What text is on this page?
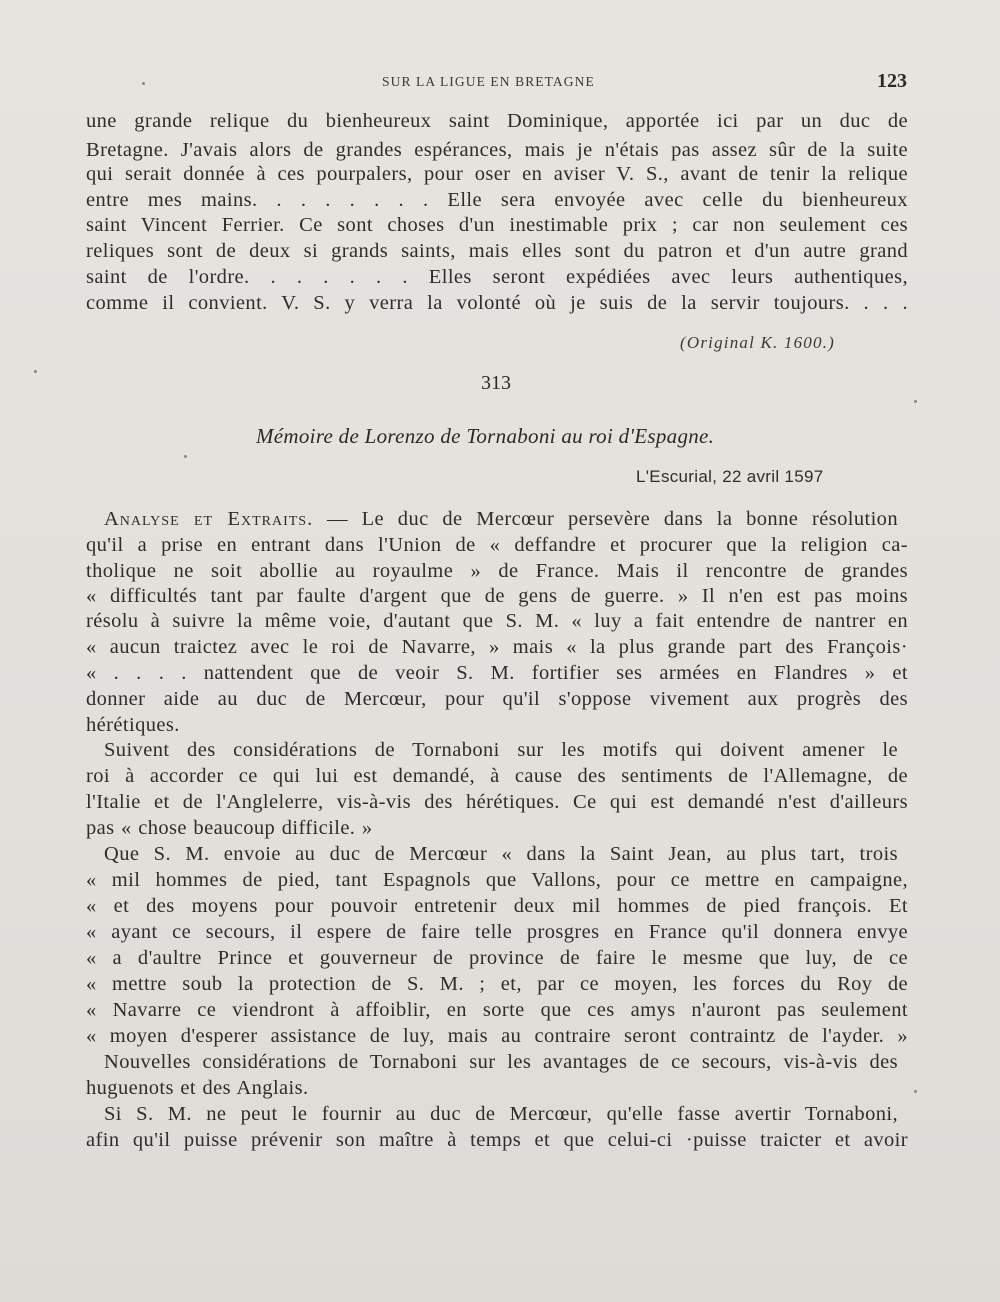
SUR LA LIGUE EN BRETAGNE	123
une grande relique du bienheureux saint Dominique, apportée ici par un duc de
Bretagne. J'avais alors de grandes espérances, mais je n'étais pas assez sûr de la suite
qui serait donnée à ces pourpalers, pour oser en aviser V. S., avant de tenir la relique
entre mes mains. . . . . . . . Elle sera envoyée avec celle du bienheureux
saint Vincent Ferrier. Ce sont choses d'un inestimable prix ; car non seulement ces
reliques sont de deux si grands saints, mais elles sont du patron et d'un autre grand
saint de l'ordre. . . . . . . Elles seront expédiées avec leurs authentiques,
comme il convient. V. S. y verra la volonté où je suis de la servir toujours. . . .
(Original K. 1600.)
313
Mémoire de Lorenzo de Tornaboni au roi d'Espagne.
L'Escurial, 22 avril 1597
Analyse et Extraits. — Le duc de Mercœur persevère dans la bonne résolution
qu'il a prise en entrant dans l'Union de « deffandre et procurer que la religion ca-
tholique ne soit abollie au royaulme » de France. Mais il rencontre de grandes
« difficultés tant par faulte d'argent que de gens de guerre. » Il n'en est pas moins
résolu à suivre la même voie, d'autant que S. M. « luy a fait entendre de nantrer en
« aucun traictez avec le roi de Navarre, » mais « la plus grande part des François·
« . . . . nattendent que de veoir S. M. fortifier ses armées en Flandres » et
donner aide au duc de Mercœur, pour qu'il s'oppose vivement aux progrès des
hérétiques.
Suivent des considérations de Tornaboni sur les motifs qui doivent amener le
roi à accorder ce qui lui est demandé, à cause des sentiments de l'Allemagne, de
l'Italie et de l'Anglelerre, vis-à-vis des hérétiques. Ce qui est demandé n'est d'ailleurs
pas « chose beaucoup difficile. »
Que S. M. envoie au duc de Mercœur « dans la Saint Jean, au plus tart, trois
« mil hommes de pied, tant Espagnols que Vallons, pour ce mettre en campaigne,
« et des moyens pour pouvoir entretenir deux mil hommes de pied françois. Et
« ayant ce secours, il espere de faire telle prosgres en France qu'il donnera envye
« a d'aultre Prince et gouverneur de province de faire le mesme que luy, de ce
« mettre soub la protection de S. M. ; et, par ce moyen, les forces du Roy de
« Navarre ce viendront à affoiblir, en sorte que ces amys n'auront pas seulement
« moyen d'esperer assistance de luy, mais au contraire seront contraintz de l'ayder. »
Nouvelles considérations de Tornaboni sur les avantages de ce secours, vis-à-vis des
huguenots et des Anglais.
Si S. M. ne peut le fournir au duc de Mercœur, qu'elle fasse avertir Tornaboni,
afin qu'il puisse prévenir son maître à temps et que celui-ci ·puisse traicter et avoir
